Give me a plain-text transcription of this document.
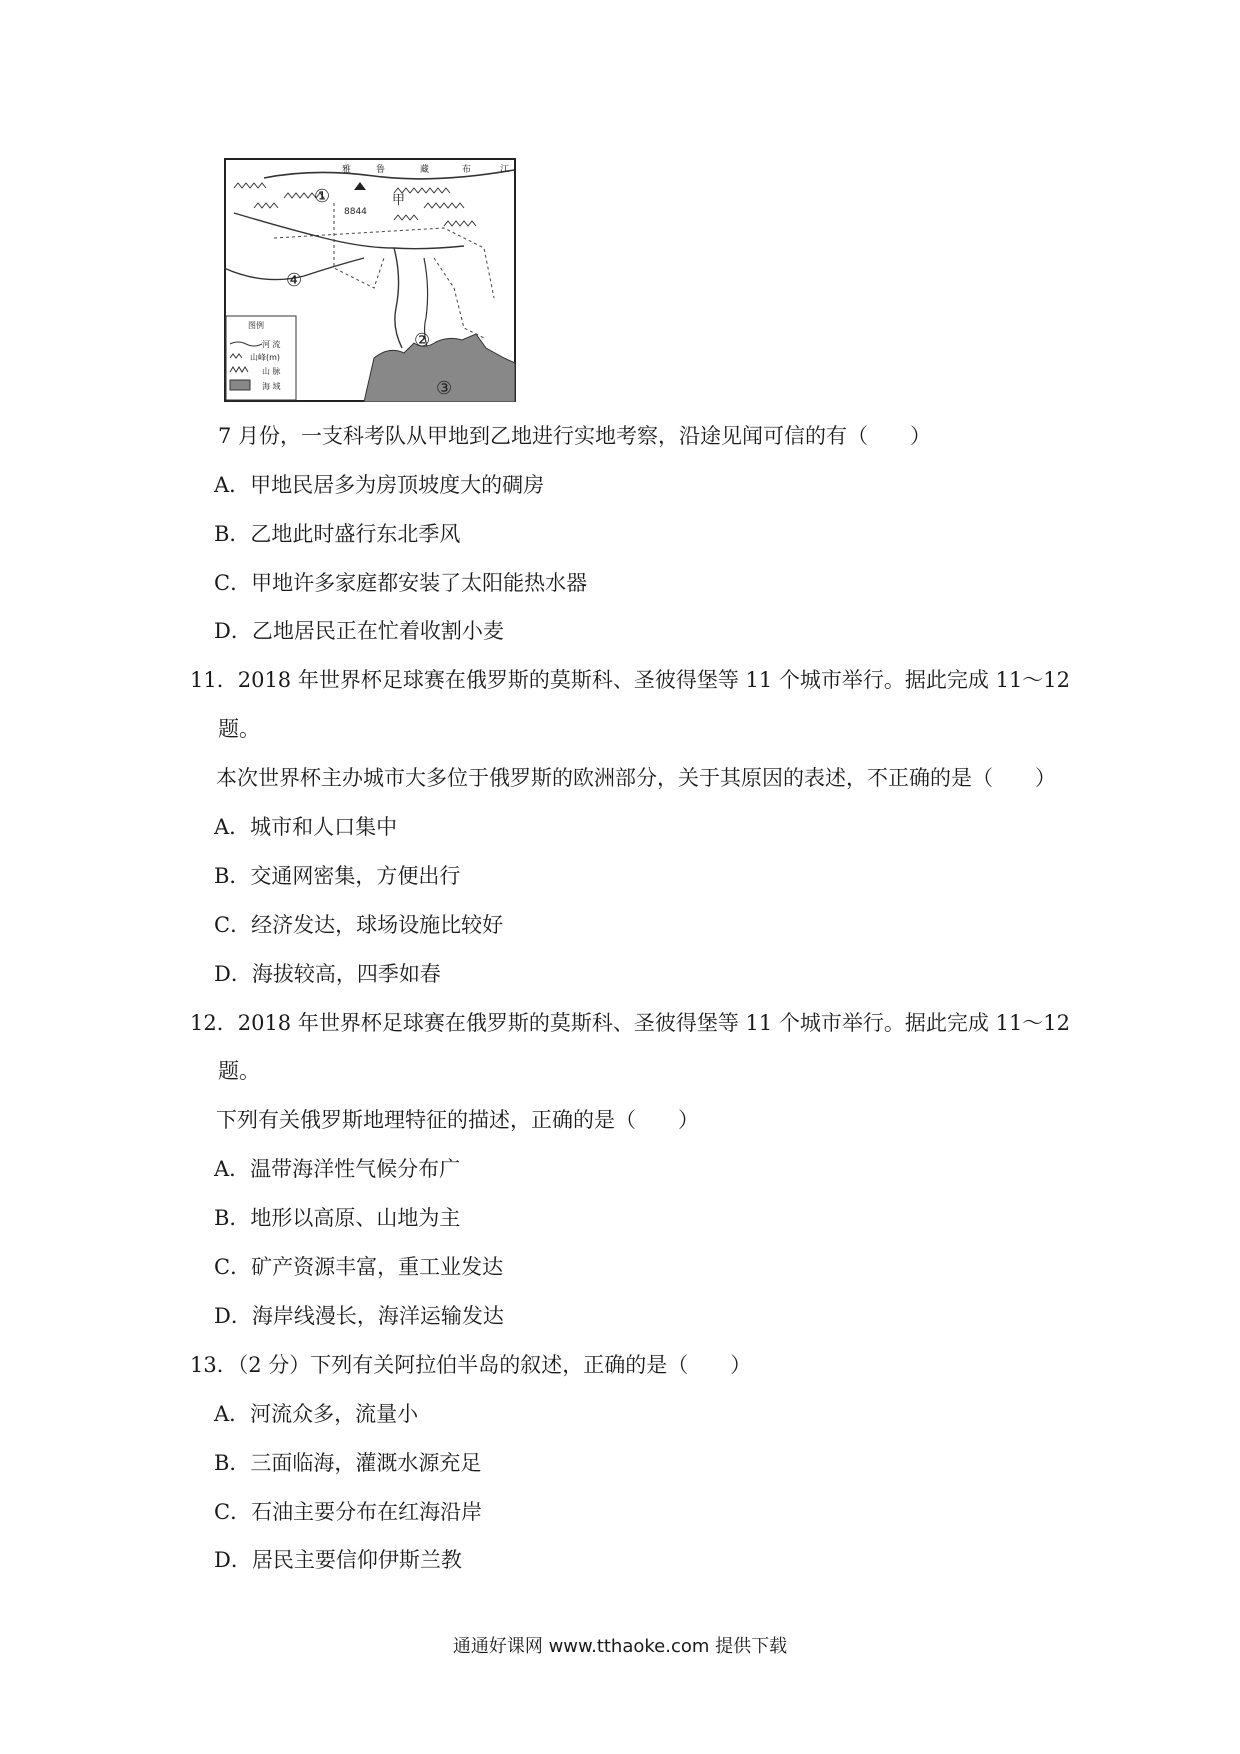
雅	鲁	藏	布	江
8844
甲
①
②
③
④
图例
河 流
山峰(m)
山 脉
海 域
7 月份，一支科考队从甲地到乙地进行实地考察，沿途见闻可信的有（　　）
A．甲地民居多为房顶坡度大的碉房
B．乙地此时盛行东北季风
C．甲地许多家庭都安装了太阳能热水器
D．乙地居民正在忙着收割小麦
11．2018 年世界杯足球赛在俄罗斯的莫斯科、圣彼得堡等 11 个城市举行。据此完成 11～12
题。
本次世界杯主办城市大多位于俄罗斯的欧洲部分，关于其原因的表述，不正确的是（　　）
A．城市和人口集中
B．交通网密集，方便出行
C．经济发达，球场设施比较好
D．海拔较高，四季如春
12．2018 年世界杯足球赛在俄罗斯的莫斯科、圣彼得堡等 11 个城市举行。据此完成 11～12
题。
下列有关俄罗斯地理特征的描述，正确的是（　　）
A．温带海洋性气候分布广
B．地形以高原、山地为主
C．矿产资源丰富，重工业发达
D．海岸线漫长，海洋运输发达
13．（2 分）下列有关阿拉伯半岛的叙述，正确的是（　　）
A．河流众多，流量小
B．三面临海，灌溉水源充足
C．石油主要分布在红海沿岸
D．居民主要信仰伊斯兰教
通通好课网 www.tthaoke.com 提供下载
